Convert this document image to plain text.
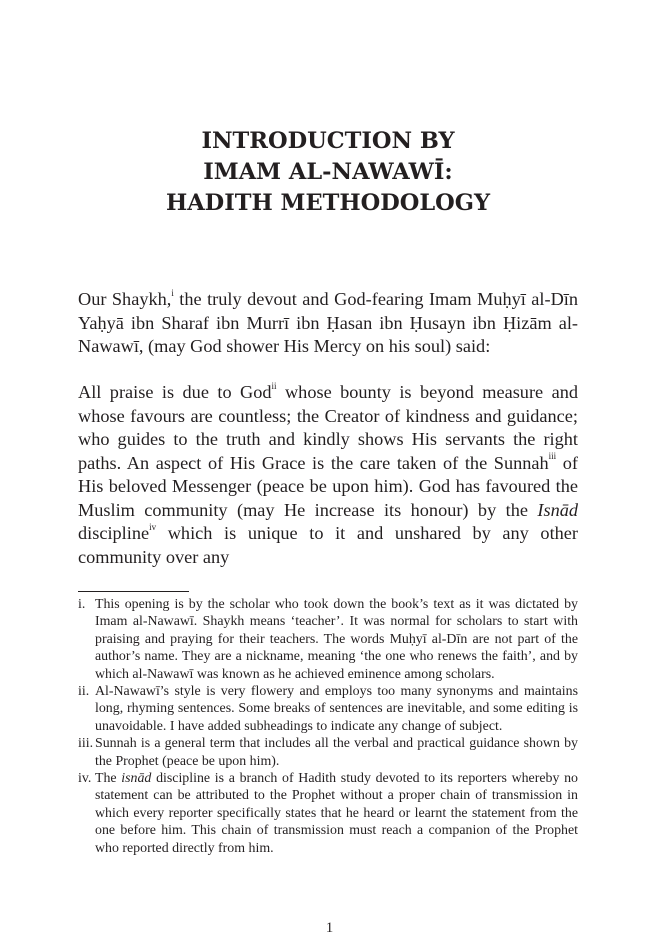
INTRODUCTION BY
IMAM AL-NAWAWĪ:
HADITH METHODOLOGY

Our Shaykh,$^i$ the truly devout and God-fearing Imam Muḥyī al-Dīn Yaḥyā ibn Sharaf ibn Murrī ibn Ḥasan ibn Ḥusayn ibn Ḥizām al-Nawawī, (may God shower His Mercy on his soul) said:

All praise is due to God$^{ii}$ whose bounty is beyond measure and whose favours are countless; the Creator of kindness and guidance; who guides to the truth and kindly shows His servants the right paths. An aspect of His Grace is the care taken of the Sunnah$^{iii}$ of His beloved Messenger (peace be upon him). God has favoured the Muslim community (may He increase its honour) by the Isnād discipline$^{iv}$ which is unique to it and unshared by any other community over any

i. This opening is by the scholar who took down the book’s text as it was dictated by Imam al-Nawawī. Shaykh means ‘teacher’. It was normal for scholars to start with praising and praying for their teachers. The words Muḥyī al-Dīn are not part of the author’s name. They are a nickname, meaning ‘the one who renews the faith’, and by which al-Nawawī was known as he achieved eminence among scholars.
ii. Al-Nawawī’s style is very flowery and employs too many synonyms and maintains long, rhyming sentences. Some breaks of sentences are inevitable, and some editing is unavoidable. I have added subheadings to indicate any change of subject.
iii. Sunnah is a general term that includes all the verbal and practical guidance shown by the Prophet (peace be upon him).
iv. The isnād discipline is a branch of Hadith study devoted to its reporters whereby no statement can be attributed to the Prophet without a proper chain of transmission in which every reporter specifically states that he heard or learnt the statement from the one before him. This chain of transmission must reach a companion of the Prophet who reported directly from him.
1
